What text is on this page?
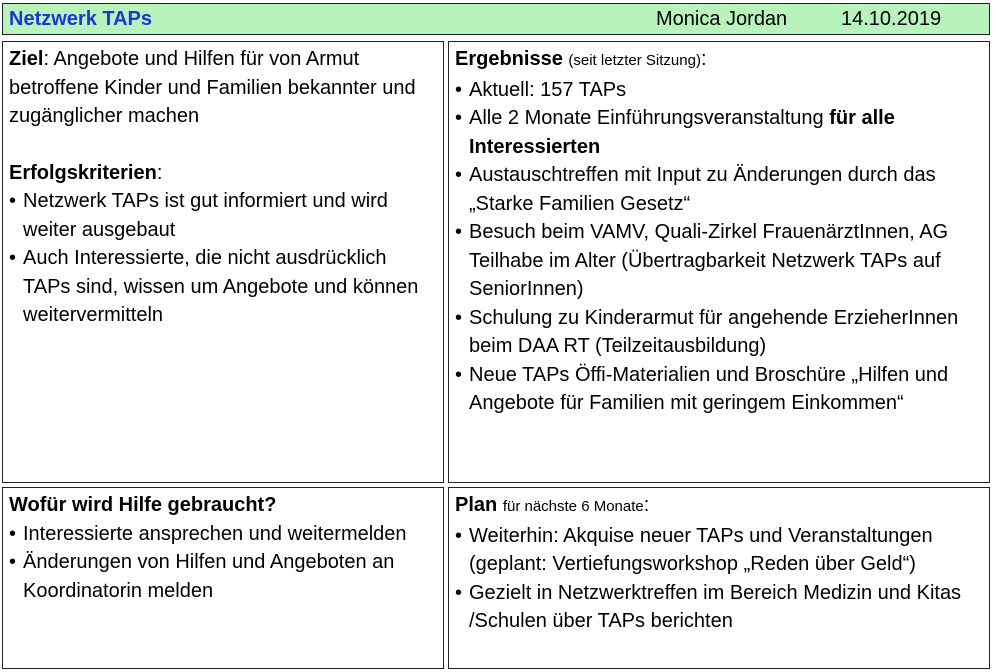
Netzwerk TAPs	Monica Jordan	14.10.2019

Ziel: Angebote und Hilfen für von Armut betroffene Kinder und Familien bekannter und zugänglicher machen

Erfolgskriterien:

• Netzwerk TAPs ist gut informiert und wird weiter ausgebaut
• Auch Interessierte, die nicht ausdrücklich TAPs sind, wissen um Angebote und können weitervermitteln

Ergebnisse (seit letzter Sitzung):

• Aktuell: 157 TAPs
• Alle 2 Monate Einführungsveranstaltung für alle Interessierten
• Austauschtreffen mit Input zu Änderungen durch das „Starke Familien Gesetz“
• Besuch beim VAMV, Quali-Zirkel FrauenärztInnen, AG Teilhabe im Alter (Übertragbarkeit Netzwerk TAPs auf SeniorInnen)
• Schulung zu Kinderarmut für angehende ErzieherInnen beim DAA RT (Teilzeitausbildung)
• Neue TAPs Öffi-Materialien und Broschüre „Hilfen und Angebote für Familien mit geringem Einkommen“

Wofür wird Hilfe gebraucht?

• Interessierte ansprechen und weitermelden
• Änderungen von Hilfen und Angeboten an Koordinatorin melden

Plan für nächste 6 Monate:

• Weiterhin: Akquise neuer TAPs und Veranstaltungen (geplant: Vertiefungsworkshop „Reden über Geld“)
• Gezielt in Netzwerktreffen im Bereich Medizin und Kitas /Schulen über TAPs berichten
